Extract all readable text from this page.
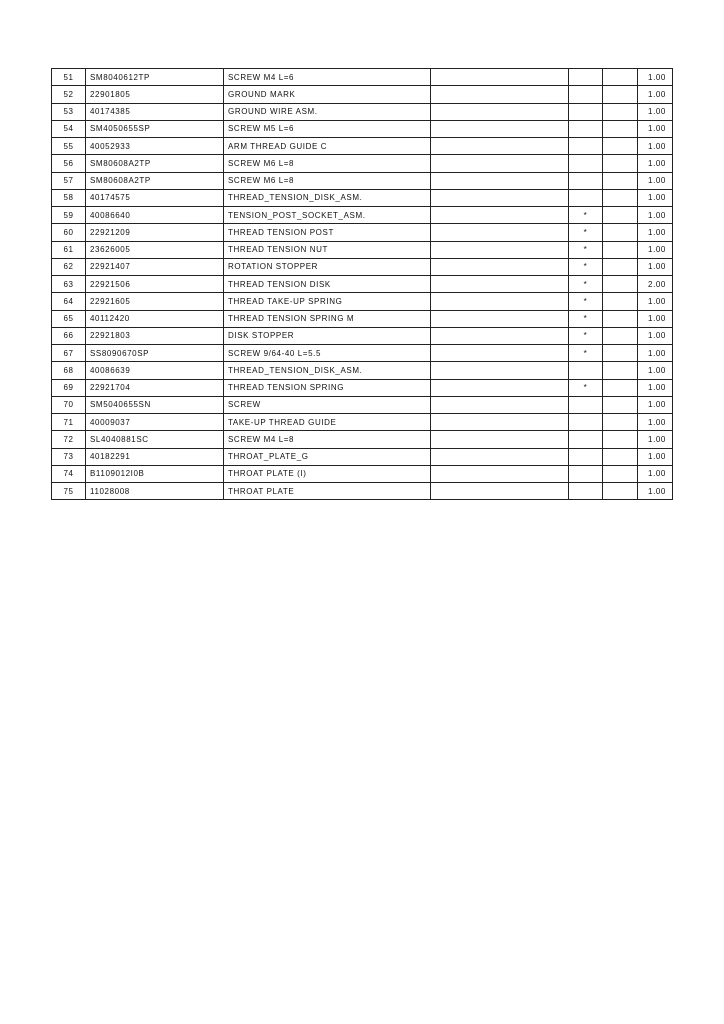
51	SM8040612TP	SCREW M4 L=6				1.00
52	22901805	GROUND MARK				1.00
53	40174385	GROUND WIRE ASM.				1.00
54	SM4050655SP	SCREW M5 L=6				1.00
55	40052933	ARM THREAD GUIDE C				1.00
56	SM80608A2TP	SCREW M6 L=8				1.00
57	SM80608A2TP	SCREW M6 L=8				1.00
58	40174575	THREAD_TENSION_DISK_ASM.				1.00
59	40086640	TENSION_POST_SOCKET_ASM.		*		1.00
60	22921209	THREAD TENSION POST		*		1.00
61	23626005	THREAD TENSION NUT		*		1.00
62	22921407	ROTATION STOPPER		*		1.00
63	22921506	THREAD TENSION DISK		*		2.00
64	22921605	THREAD TAKE-UP SPRING		*		1.00
65	40112420	THREAD TENSION SPRING M		*		1.00
66	22921803	DISK STOPPER		*		1.00
67	SS8090670SP	SCREW 9/64-40 L=5.5		*		1.00
68	40086639	THREAD_TENSION_DISK_ASM.				1.00
69	22921704	THREAD TENSION SPRING		*		1.00
70	SM5040655SN	SCREW				1.00
71	40009037	TAKE-UP THREAD GUIDE				1.00
72	SL4040881SC	SCREW M4 L=8				1.00
73	40182291	THROAT_PLATE_G				1.00
74	B1109012I0B	THROAT PLATE (I)				1.00
75	11028008	THROAT PLATE				1.00
